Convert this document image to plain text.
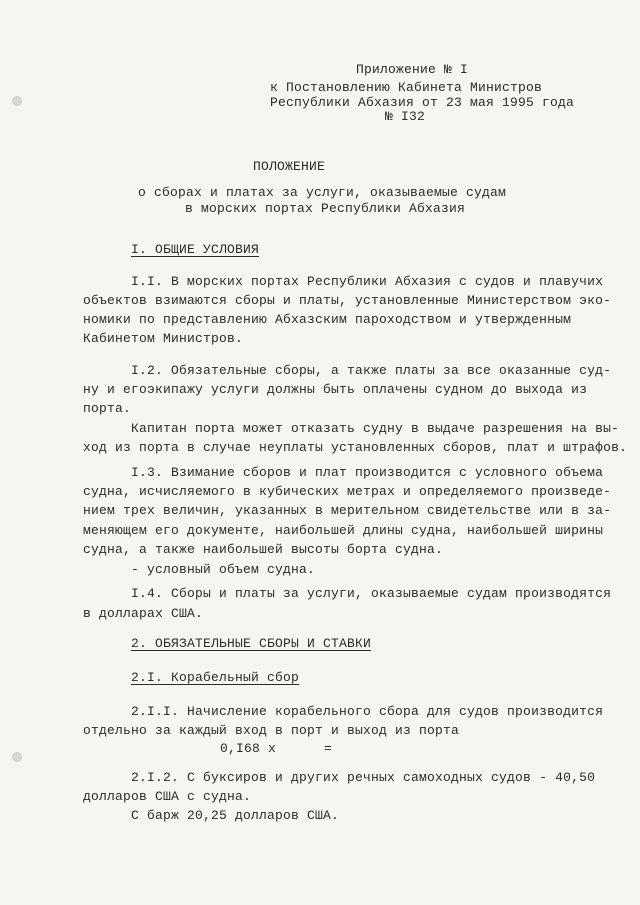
Приложение № I
к Постановлению Кабинета Министров
Республики Абхазия от 23 мая 1995 года
№ I32
ПОЛОЖЕНИЕ
о сборах и платах за услуги, оказываемые судам
в морских портах Республики Абхазия
I. ОБЩИЕ УСЛОВИЯ
I.I. В морских портах Республики Абхазия с судов и плавучих
объектов взимаются сборы и платы, установленные Министерством эко-
номики по представлению Абхазским пароходством и утвержденным
Кабинетом Министров.
I.2. Обязательные сборы, а также платы за все оказанные суд-
ну и егоэкипажу услуги должны быть оплачены судном до выхода из
порта.
Капитан порта может отказать судну в выдаче разрешения на вы-
ход из порта в случае неуплаты установленных сборов, плат и штрафов.
I.3. Взимание сборов и плат производится с условного объема
судна, исчисляемого в кубических метрах и определяемого произведе-
нием трех величин, указанных в мерительном свидетельстве или в за-
меняющем его документе, наибольшей длины судна, наибольшей ширины
судна, а также наибольшей высоты борта судна.
- условный объем судна.
I.4. Сборы и платы за услуги, оказываемые судам производятся
в долларах США.
2. ОБЯЗАТЕЛЬНЫЕ СБОРЫ И СТАВКИ
2.I. Корабельный сбор
2.I.I. Начисление корабельного сбора для судов производится
отдельно за каждый вход в порт и выход из порта
0,I68 х      =
2.I.2. С буксиров и других речных самоходных судов - 40,50
долларов США с судна.
С барж 20,25 долларов США.
